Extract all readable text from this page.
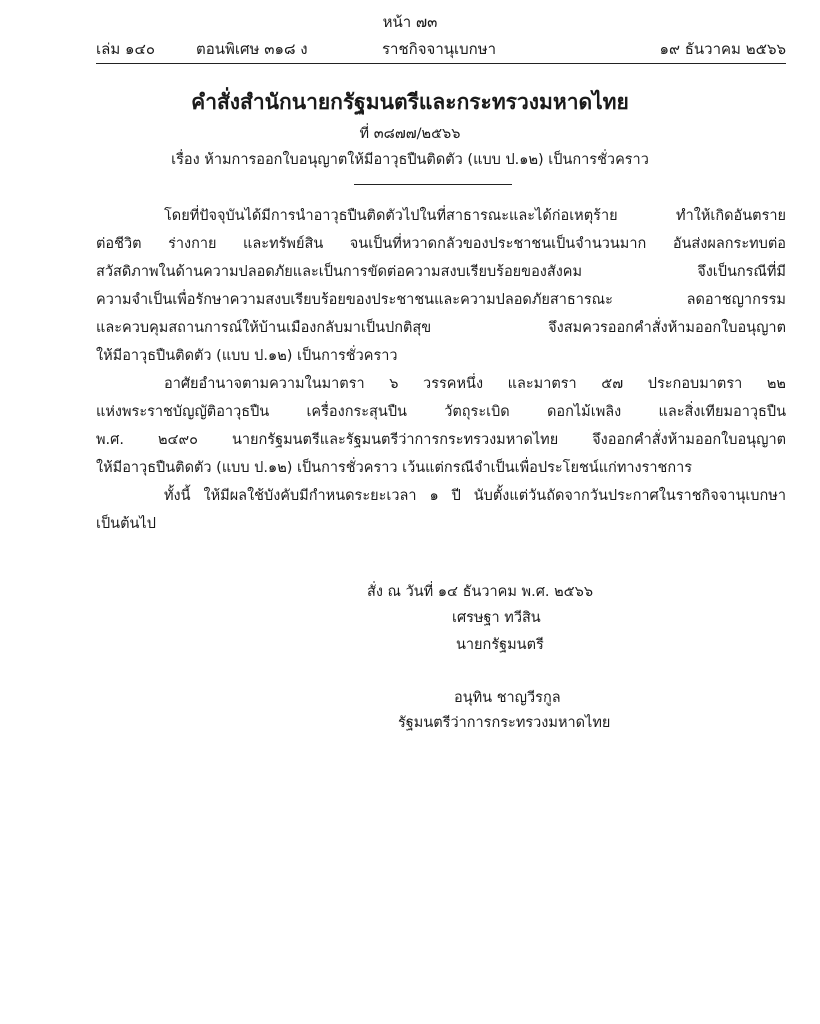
หน้า ๗๓
เล่ม ๑๔๐	ตอนพิเศษ ๓๑๘ ง	ราชกิจจานุเบกษา	๑๙ ธันวาคม ๒๕๖๖
คำสั่งสำนักนายกรัฐมนตรีและกระทรวงมหาดไทย
ที่ ๓๘๗๗/๒๕๖๖
เรื่อง ห้ามการออกใบอนุญาตให้มีอาวุธปืนติดตัว (แบบ ป.๑๒) เป็นการชั่วคราว
โดยที่ปัจจุบันได้มีการนำอาวุธปืนติดตัวไปในที่สาธารณะและได้ก่อเหตุร้าย ทำให้เกิดอันตราย
ต่อชีวิต ร่างกาย และทรัพย์สิน จนเป็นที่หวาดกลัวของประชาชนเป็นจำนวนมาก อันส่งผลกระทบต่อ
สวัสดิภาพในด้านความปลอดภัยและเป็นการขัดต่อความสงบเรียบร้อยของสังคม จึงเป็นกรณีที่มี
ความจำเป็นเพื่อรักษาความสงบเรียบร้อยของประชาชนและความปลอดภัยสาธารณะ ลดอาชญากรรม
และควบคุมสถานการณ์ให้บ้านเมืองกลับมาเป็นปกติสุข จึงสมควรออกคำสั่งห้ามออกใบอนุญาต
ให้มีอาวุธปืนติดตัว (แบบ ป.๑๒) เป็นการชั่วคราว
อาศัยอำนาจตามความในมาตรา ๖ วรรคหนึ่ง และมาตรา ๕๗ ประกอบมาตรา ๒๒
แห่งพระราชบัญญัติอาวุธปืน เครื่องกระสุนปืน วัตถุระเบิด ดอกไม้เพลิง และสิ่งเทียมอาวุธปืน
พ.ศ. ๒๔๙๐ นายกรัฐมนตรีและรัฐมนตรีว่าการกระทรวงมหาดไทย จึงออกคำสั่งห้ามออกใบอนุญาต
ให้มีอาวุธปืนติดตัว (แบบ ป.๑๒) เป็นการชั่วคราว เว้นแต่กรณีจำเป็นเพื่อประโยชน์แก่ทางราชการ
ทั้งนี้ ให้มีผลใช้บังคับมีกำหนดระยะเวลา ๑ ปี นับตั้งแต่วันถัดจากวันประกาศในราชกิจจานุเบกษา
เป็นต้นไป
สั่ง ณ วันที่ ๑๔ ธันวาคม พ.ศ. ๒๕๖๖
เศรษฐา ทวีสิน
นายกรัฐมนตรี
อนุทิน ชาญวีรกูล
รัฐมนตรีว่าการกระทรวงมหาดไทย
